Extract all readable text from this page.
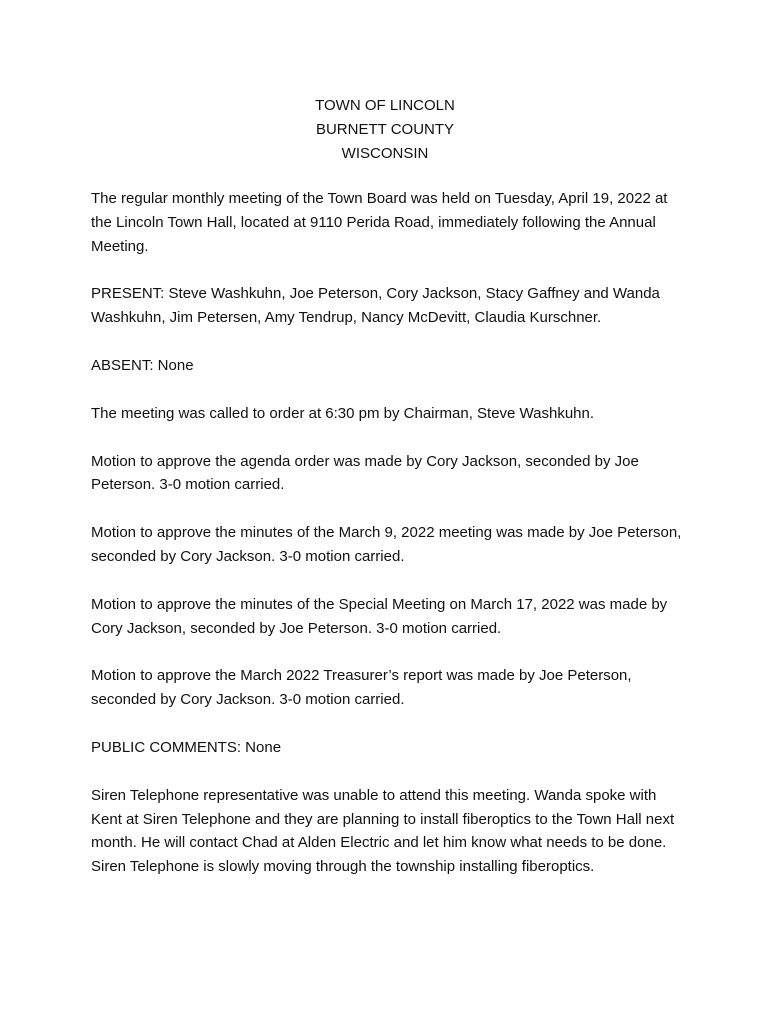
TOWN OF LINCOLN
BURNETT COUNTY
WISCONSIN

The regular monthly meeting of the Town Board was held on Tuesday, April 19, 2022 at the Lincoln Town Hall, located at 9110 Perida Road, immediately following the Annual Meeting.

PRESENT: Steve Washkuhn, Joe Peterson, Cory Jackson, Stacy Gaffney and Wanda Washkuhn, Jim Petersen, Amy Tendrup, Nancy McDevitt, Claudia Kurschner.

ABSENT: None

The meeting was called to order at 6:30 pm by Chairman, Steve Washkuhn.

Motion to approve the agenda order was made by Cory Jackson, seconded by Joe Peterson. 3-0 motion carried.

Motion to approve the minutes of the March 9, 2022 meeting was made by Joe Peterson, seconded by Cory Jackson. 3-0 motion carried.

Motion to approve the minutes of the Special Meeting on March 17, 2022 was made by Cory Jackson, seconded by Joe Peterson. 3-0 motion carried.

Motion to approve the March 2022 Treasurer’s report was made by Joe Peterson, seconded by Cory Jackson. 3-0 motion carried.

PUBLIC COMMENTS: None

Siren Telephone representative was unable to attend this meeting. Wanda spoke with Kent at Siren Telephone and they are planning to install fiberoptics to the Town Hall next month. He will contact Chad at Alden Electric and let him know what needs to be done. Siren Telephone is slowly moving through the township installing fiberoptics.
